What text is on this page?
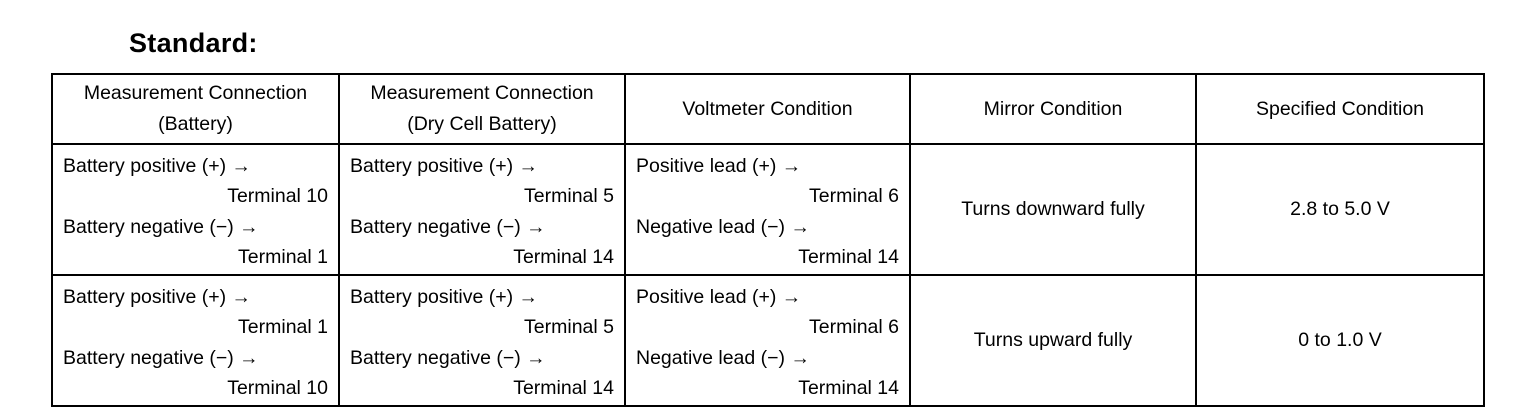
Standard:
Measurement Connection
(Battery)	Measurement Connection
(Dry Cell Battery)	Voltmeter Condition	Mirror Condition	Specified Condition

Battery positive (+) →
Terminal 10
Battery negative (−) →
Terminal 1	Battery positive (+) →
Terminal 5
Battery negative (−) →
Terminal 14	Positive lead (+) →
Terminal 6
Negative lead (−) →
Terminal 14	Turns downward fully	2.8 to 5.0 V

Battery positive (+) →
Terminal 1
Battery negative (−) →
Terminal 10	Battery positive (+) →
Terminal 5
Battery negative (−) →
Terminal 14	Positive lead (+) →
Terminal 6
Negative lead (−) →
Terminal 14	Turns upward fully	0 to 1.0 V
